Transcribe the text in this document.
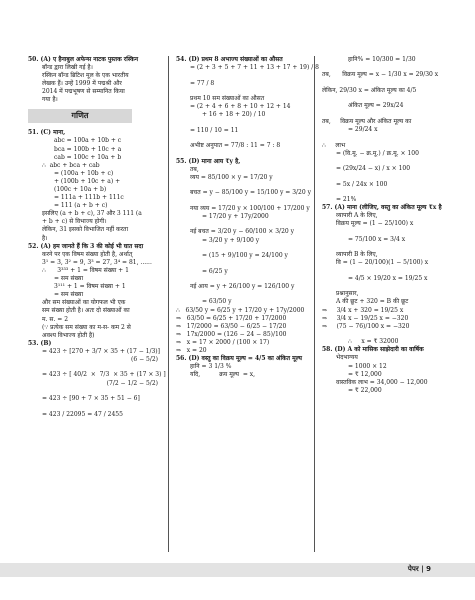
50. (A) ए हैनाबुल अफेन्स नाटक पुस्तक रस्किन
बॉन्ड द्वारा लिखी गई है।
रस्किन बॉन्ड ब्रिटिश मूल के एक भारतीय
लेखक हैं। उन्हें 1999 में पद्मश्री और
2014 में पद्मभूषण से सम्मानित किया
गया है।
गणित
51. (C) माना,
abc = 100a + 10b + c
bca = 100b + 10c + a
cab = 100c + 10a + b
∴  abc + bca + cab
= (100a + 10b + c)
+ (100b + 10c + a) +
(100c + 10a + b)
= 111a + 111b + 111c
= 111 (a + b + c)
इसलिए (a + b + c), 37 और 3 111 (a
+ b + c) से विभाज्य होगी।
लेकिन, 31 इसको विभाजित नहीं करता
है।
52. (A) हम जानते हैं कि 3 की कोई भी घात सदा
करने पर एक विषम संख्या होती है, अर्थात्
3¹ = 3, 3² = 9, 3³ = 27, 3⁴ = 81, ......
∴      3³³³ + 1 = विषम संख्या + 1
= सम संख्या
3¹¹¹ + 1 = विषम संख्या + 1
= सम संख्या
और सम संख्याओं का योगफल भी एक
सम संख्या होती है। अतः दो संख्याओं का
म. स. = 2
(∵ प्रत्येक सम संख्या का म-स- कम 2 से
अवश्य विभाज्य होती है)
53. (B)
= 423 ÷ [270 + 3/7 × 35 + (17 − 1/3)]
(6 − 5/2)
= 423 ÷ [ 40/2  ×  7/3  × 35 + (17 × 3) ]
(7/2 − 1/2 − 5/2)
= 423 ÷ [90 + 7 × 35 + 51 − 6]
= 423 / 22095 = 47 / 2455
54. (D) प्रथम 8 अभाज्य संख्याओं का औसत
= (2 + 3 + 5 + 7 + 11 + 13 + 17 + 19) / 8
= 77 / 8
प्रथम 10 सम संख्याओं का औसत
= (2 + 4 + 6 + 8 + 10 + 12 + 14
+ 16 + 18 + 20) / 10
= 110 / 10 = 11
अभीष्ट अनुपात = 77/8 : 11 = 7 : 8
55. (D) माना आय ₹y है,
तब,
व्यय = 85/100 × y = 17/20 y
बचत = y − 85/100 y = 15/100 y = 3/20 y
नया व्यय = 17/20 y × 100/100 + 17/200 y
= 17/20 y + 17y/2000
नई बचत = 3/20 y − 60/100 × 3/20 y
= 3/20 y + 9/100 y
= (15 + 9)/100 y = 24/100 y
= 6/25 y
नई आय = y + 26/100 y = 126/100 y
= 63/50 y
∴   63/50 y = 6/25 y + 17/20 y + 17y/2000
⇒   63/50 = 6/25 + 17/20 + 17/2000
⇒   17/2000 = 63/50 − 6/25 − 17/20
⇒   17x/2000 = (126 − 24 − 85)/100
⇒   x = 17 × 2000 / (100 × 17)
⇒   x = 20
56. (D) वस्तु का विक्रय मूल्य = 4/5 का अंकित मूल्य
हानि = 3 1/3 %
यदि,          क्रय मूल्य  = x,
हानि% = 10/300 = 1/30
तब,      विक्रय मूल्य = x − 1/30 x = 29/30 x
लेकिन, 29/30 x = अंकित मूल्य का 4/5
अंकित मूल्य = 29x/24
तब,     विक्रय मूल्य और अंकित मूल्य का
= 29/24 x
∴     लाभ
= (वि.मू. − क्र.मू.) / क्र.मू. × 100
= (29x/24 − x) / x × 100
= 5x / 24x × 100
= 21%
57. (A) माना (लीजिए, वस्तु का अंकित मूल्य ₹x है
व्यापारी A के लिए,
विक्रय मूल्य = (1 − 25/100) x
= 75/100 x = 3/4 x
व्यापारी B के लिए,
वि = (1 − 20/100)(1 − 5/100) x
= 4/5 × 19/20 x = 19/25 x
प्रश्नानुसार,
A की छूट + 320 = B की छूट
⇒     3/4 x + 320 = 19/25 x
⇒     3/4 x − 19/25 x = −320
⇒     (75 − 76)/100 x = −320
∴     x = ₹ 32000
58. (D) A को मासिक साझेदारी का वार्षिक
भेदभाग्यय
= 1000 × 12
= ₹ 12,000
वास्तविक लाभ = 34,000 − 12,000
= ₹ 22,000
पेपर | 9
